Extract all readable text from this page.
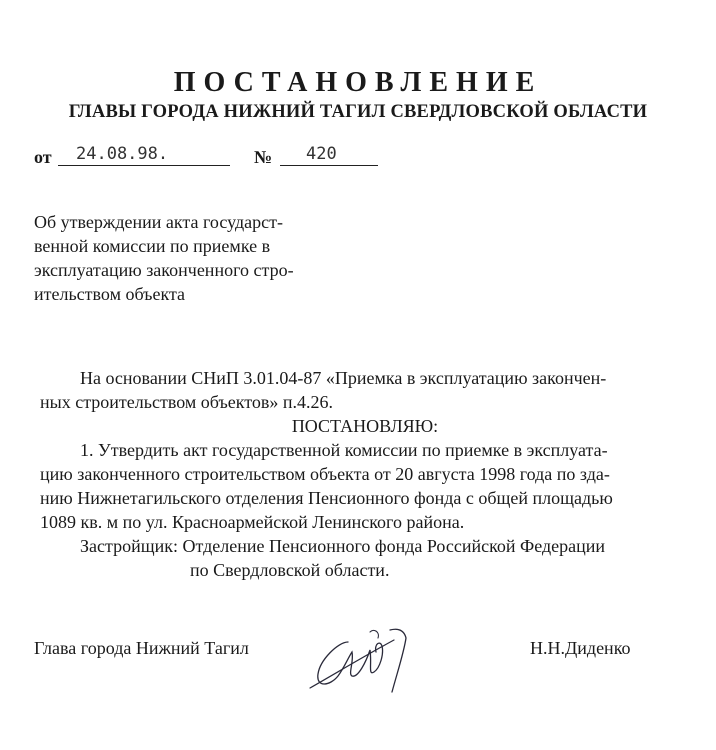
ПОСТАНОВЛЕНИЕ
ГЛАВЫ ГОРОДА НИЖНИЙ ТАГИЛ СВЕРДЛОВСКОЙ ОБЛАСТИ
от	24.08.98.	№	420
Об утверждении акта государст-
венной комиссии по приемке в
эксплуатацию законченного стро-
ительством объекта
На основании СНиП 3.01.04-87 «Приемка в эксплуатацию закончен-
ных строительством объектов» п.4.26.
ПОСТАНОВЛЯЮ:
1. Утвердить акт государственной комиссии по приемке в эксплуата-
цию законченного строительством объекта от 20 августа 1998 года по зда-
нию Нижнетагильского отделения Пенсионного фонда с общей площадью
1089 кв. м по ул. Красноармейской Ленинского района.
Застройщик: Отделение Пенсионного фонда Российской Федерации
по Свердловской области.
Глава города Нижний Тагил	Н.Н.Диденко
